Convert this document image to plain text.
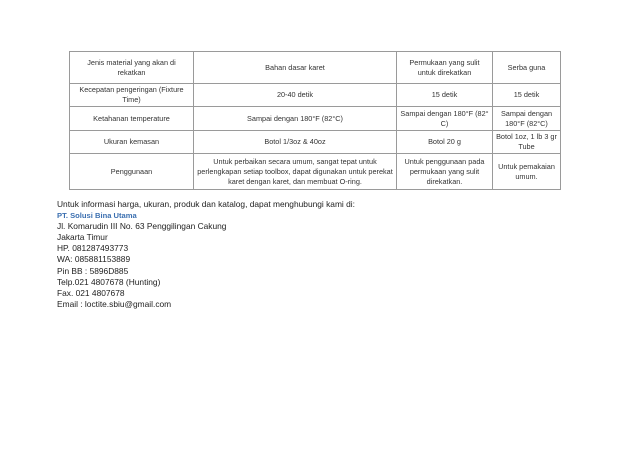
Jenis material yang akan di rekatkan	Bahan dasar karet	Permukaan yang sulit untuk direkatkan	Serba guna
Kecepatan pengeringan (Fixture Time)	20-40 detik	15 detik	15 detik
Ketahanan temperature	Sampai dengan 180°F (82°C)	Sampai dengan 180°F (82° C)	Sampai dengan 180°F (82°C)
Ukuran kemasan	Botol 1/3oz & 40oz	Botol 20 g	Botol 1oz, 1 lb 3 gr Tube
Penggunaan	Untuk perbaikan secara umum, sangat tepat untuk perlengkapan setiap toolbox, dapat digunakan untuk perekat karet dengan karet, dan membuat O-ring.	Untuk penggunaan pada permukaan yang sulit direkatkan.	Untuk pemakaian umum.
Untuk informasi harga, ukuran, produk dan katalog, dapat menghubungi kami di:
PT. Solusi Bina Utama
Jl. Komarudin III No. 63 Penggilingan Cakung
Jakarta Timur
HP. 081287493773
WA: 085881153889
Pin BB : 5896D885
Telp.021 4807678 (Hunting)
Fax. 021 4807678
Email : loctite.sbiu@gmail.com
